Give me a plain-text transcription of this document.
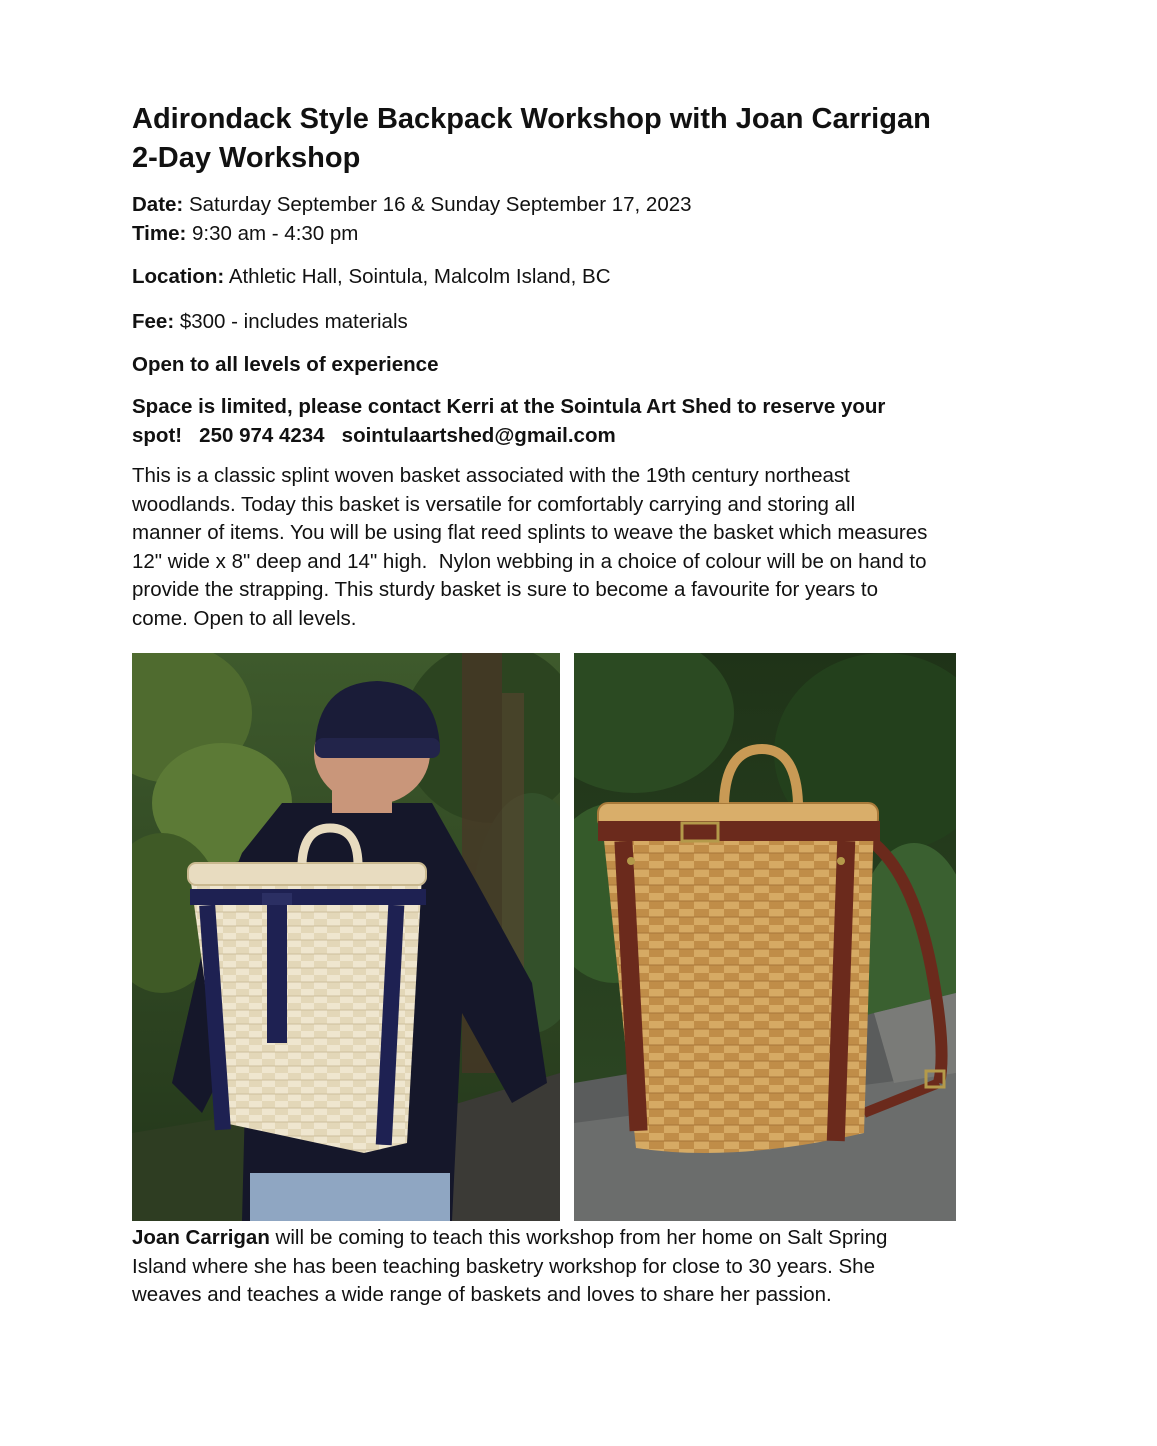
Adirondack Style Backpack Workshop with Joan Carrigan
2-Day Workshop

Date: Saturday September 16 & Sunday September 17, 2023

Time: 9:30 am - 4:30 pm

Location: Athletic Hall, Sointula, Malcolm Island, BC

Fee: $300 - includes materials

Open to all levels of experience
Space is limited, please contact Kerri at the Sointula Art Shed to reserve your
spot!   250 974 4234   sointulaartshed@gmail.com
This is a classic splint woven basket associated with the 19th century northeast
woodlands. Today this basket is versatile for comfortably carrying and storing all
manner of items. You will be using flat reed splints to weave the basket which measures
12" wide x 8" deep and 14" high.  Nylon webbing in a choice of colour will be on hand to
provide the strapping. This sturdy basket is sure to become a favourite for years to
come. Open to all levels.
Joan Carrigan will be coming to teach this workshop from her home on Salt Spring
Island where she has been teaching basketry workshop for close to 30 years. She
weaves and teaches a wide range of baskets and loves to share her passion.
